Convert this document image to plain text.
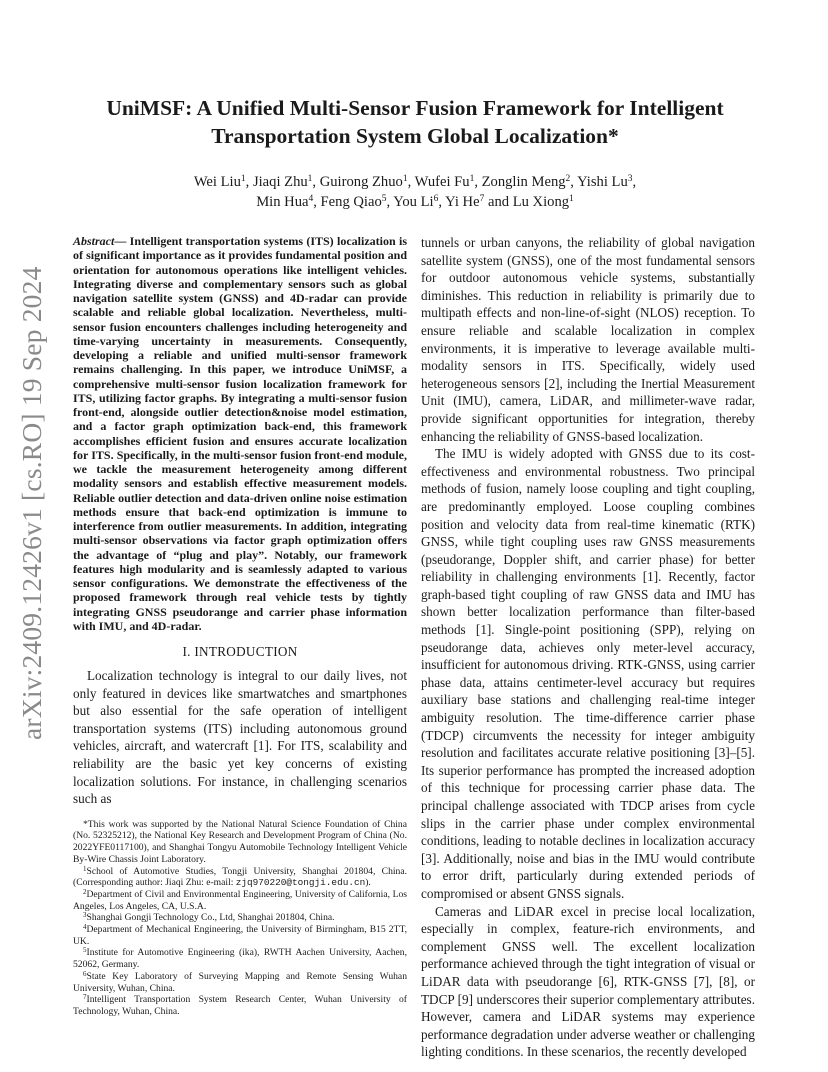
arXiv:2409.12426v1 [cs.RO] 19 Sep 2024
UniMSF: A Unified Multi-Sensor Fusion Framework for Intelligent
Transportation System Global Localization*
Wei Liu$^1$, Jiaqi Zhu$^1$, Guirong Zhuo$^1$, Wufei Fu$^1$, Zonglin Meng$^2$, Yishi Lu$^3$,
Min Hua$^4$, Feng Qiao$^5$, You Li$^6$, Yi He$^7$ and Lu Xiong$^1$

Abstract— Intelligent transportation systems (ITS) localization is of significant importance as it provides fundamental position and orientation for autonomous operations like intelligent vehicles. Integrating diverse and complementary sensors such as global navigation satellite system (GNSS) and 4D-radar can provide scalable and reliable global localization. Nevertheless, multi-sensor fusion encounters challenges including heterogeneity and time-varying uncertainty in measurements. Consequently, developing a reliable and unified multi-sensor framework remains challenging. In this paper, we introduce UniMSF, a comprehensive multi-sensor fusion localization framework for ITS, utilizing factor graphs. By integrating a multi-sensor fusion front-end, alongside outlier detection&noise model estimation, and a factor graph optimization back-end, this framework accomplishes efficient fusion and ensures accurate localization for ITS. Specifically, in the multi-sensor fusion front-end module, we tackle the measurement heterogeneity among different modality sensors and establish effective measurement models. Reliable outlier detection and data-driven online noise estimation methods ensure that back-end optimization is immune to interference from outlier measurements. In addition, integrating multi-sensor observations via factor graph optimization offers the advantage of “plug and play”. Notably, our framework features high modularity and is seamlessly adapted to various sensor configurations. We demonstrate the effectiveness of the proposed framework through real vehicle tests by tightly integrating GNSS pseudorange and carrier phase information with IMU, and 4D-radar.

I. INTRODUCTION

Localization technology is integral to our daily lives, not only featured in devices like smartwatches and smartphones but also essential for the safe operation of intelligent transportation systems (ITS) including autonomous ground vehicles, aircraft, and watercraft [1]. For ITS, scalability and reliability are the basic yet key concerns of existing localization solutions. For instance, in challenging scenarios such as

*This work was supported by the National Natural Science Foundation of China (No. 52325212), the National Key Research and Development Program of China (No. 2022YFE0117100), and Shanghai Tongyu Automobile Technology Intelligent Vehicle By-Wire Chassis Joint Laboratory.

$^1$School of Automotive Studies, Tongji University, Shanghai 201804, China. (Corresponding author: Jiaqi Zhu: e-mail: zjq970220@tongji.edu.cn).

$^2$Department of Civil and Environmental Engineering, University of California, Los Angeles, Los Angeles, CA, U.S.A.

$^3$Shanghai Gongji Technology Co., Ltd, Shanghai 201804, China.

$^4$Department of Mechanical Engineering, the University of Birmingham, B15 2TT, UK.

$^5$Institute for Automotive Engineering (ika), RWTH Aachen University, Aachen, 52062, Germany.

$^6$State Key Laboratory of Surveying Mapping and Remote Sensing Wuhan University, Wuhan, China.

$^7$Intelligent Transportation System Research Center, Wuhan University of Technology, Wuhan, China.

tunnels or urban canyons, the reliability of global navigation satellite system (GNSS), one of the most fundamental sensors for outdoor autonomous vehicle systems, substantially diminishes. This reduction in reliability is primarily due to multipath effects and non-line-of-sight (NLOS) reception. To ensure reliable and scalable localization in complex environments, it is imperative to leverage available multi-modality sensors in ITS. Specifically, widely used heterogeneous sensors [2], including the Inertial Measurement Unit (IMU), camera, LiDAR, and millimeter-wave radar, provide significant opportunities for integration, thereby enhancing the reliability of GNSS-based localization.

The IMU is widely adopted with GNSS due to its cost-effectiveness and environmental robustness. Two principal methods of fusion, namely loose coupling and tight coupling, are predominantly employed. Loose coupling combines position and velocity data from real-time kinematic (RTK) GNSS, while tight coupling uses raw GNSS measurements (pseudorange, Doppler shift, and carrier phase) for better reliability in challenging environments [1]. Recently, factor graph-based tight coupling of raw GNSS data and IMU has shown better localization performance than filter-based methods [1]. Single-point positioning (SPP), relying on pseudorange data, achieves only meter-level accuracy, insufficient for autonomous driving. RTK-GNSS, using carrier phase data, attains centimeter-level accuracy but requires auxiliary base stations and challenging real-time integer ambiguity resolution. The time-difference carrier phase (TDCP) circumvents the necessity for integer ambiguity resolution and facilitates accurate relative positioning [3]–[5]. Its superior performance has prompted the increased adoption of this technique for processing carrier phase data. The principal challenge associated with TDCP arises from cycle slips in the carrier phase under complex environmental conditions, leading to notable declines in localization accuracy [3]. Additionally, noise and bias in the IMU would contribute to error drift, particularly during extended periods of compromised or absent GNSS signals.

Cameras and LiDAR excel in precise local localization, especially in complex, feature-rich environments, and complement GNSS well. The excellent localization performance achieved through the tight integration of visual or LiDAR data with pseudorange [6], RTK-GNSS [7], [8], or TDCP [9] underscores their superior complementary attributes. However, camera and LiDAR systems may experience performance degradation under adverse weather or challenging lighting conditions. In these scenarios, the recently developed
